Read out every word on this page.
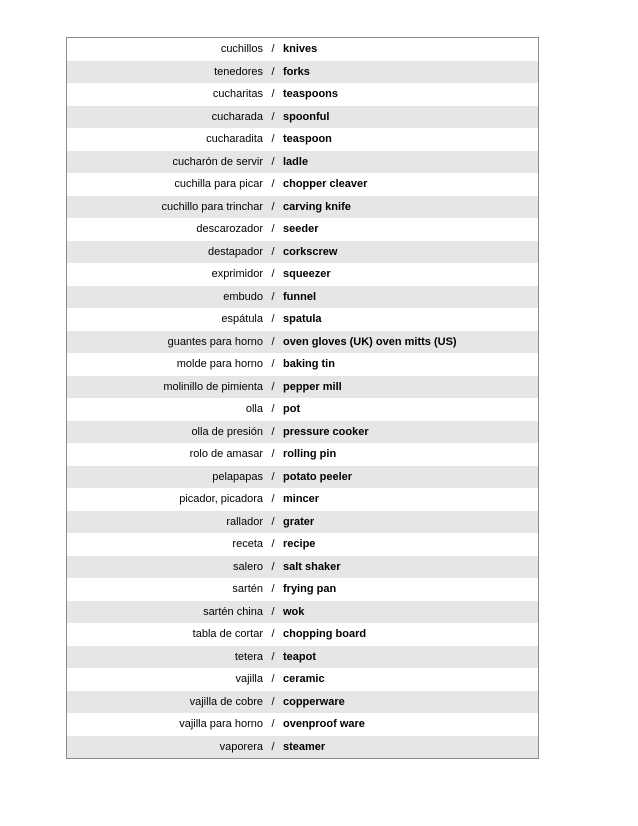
cuchillos / knives
tenedores / forks
cucharitas / teaspoons
cucharada / spoonful
cucharadita / teaspoon
cucharón de servir / ladle
cuchilla para picar / chopper cleaver
cuchillo para trinchar / carving knife
descarozador / seeder
destapador / corkscrew
exprimidor / squeezer
embudo / funnel
espátula / spatula
guantes para horno / oven gloves (UK) oven mitts (US)
molde para horno / baking tin
molinillo de pimienta / pepper mill
olla / pot
olla de presión / pressure cooker
rolo de amasar / rolling pin
pelapapas / potato peeler
picador, picadora / mincer
rallador / grater
receta / recipe
salero / salt shaker
sartén / frying pan
sartén china / wok
tabla de cortar / chopping board
tetera / teapot
vajilla / ceramic
vajilla de cobre / copperware
vajilla para horno / ovenproof ware
vaporera / steamer
